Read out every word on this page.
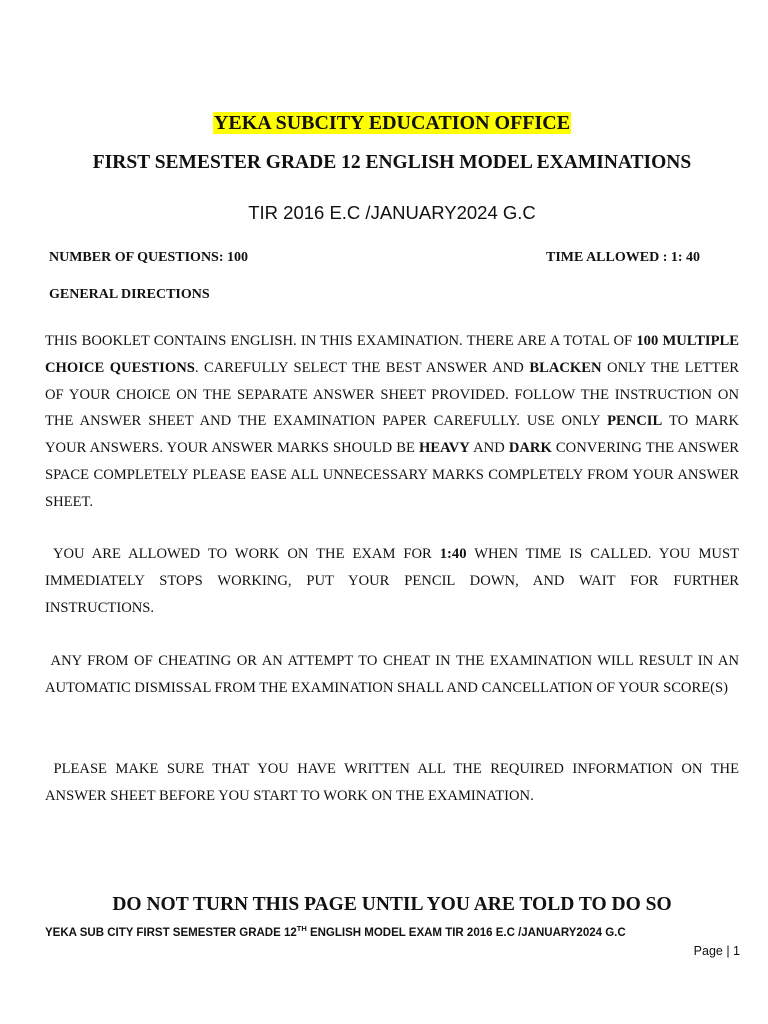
YEKA SUBCITY EDUCATION OFFICE
FIRST SEMESTER GRADE 12 ENGLISH MODEL EXAMINATIONS
TIR 2016 E.C /JANUARY2024 G.C
NUMBER OF QUESTIONS: 100	TIME ALLOWED : 1: 40
GENERAL DIRECTIONS
THIS BOOKLET CONTAINS ENGLISH. IN THIS EXAMINATION. THERE ARE A TOTAL OF 100 MULTIPLE CHOICE QUESTIONS. CAREFULLY SELECT THE BEST ANSWER AND BLACKEN ONLY THE LETTER OF YOUR CHOICE ON THE SEPARATE ANSWER SHEET PROVIDED. FOLLOW THE INSTRUCTION ON THE ANSWER SHEET AND THE EXAMINATION PAPER CAREFULLY. USE ONLY PENCIL TO MARK YOUR ANSWERS. YOUR ANSWER MARKS SHOULD BE HEAVY AND DARK CONVERING THE ANSWER SPACE COMPLETELY PLEASE EASE ALL UNNECESSARY MARKS COMPLETELY FROM YOUR ANSWER SHEET.
YOU ARE ALLOWED TO WORK ON THE EXAM FOR 1:40 WHEN TIME IS CALLED. YOU MUST IMMEDIATELY STOPS WORKING, PUT YOUR PENCIL DOWN, AND WAIT FOR FURTHER INSTRUCTIONS.
ANY FROM OF CHEATING OR AN ATTEMPT TO CHEAT IN THE EXAMINATION WILL RESULT IN AN AUTOMATIC DISMISSAL FROM THE EXAMINATION SHALL AND CANCELLATION OF YOUR SCORE(S)
PLEASE MAKE SURE THAT YOU HAVE WRITTEN ALL THE REQUIRED INFORMATION ON THE ANSWER SHEET BEFORE YOU START TO WORK ON THE EXAMINATION.
DO NOT TURN THIS PAGE UNTIL YOU ARE TOLD TO DO SO
YEKA SUB CITY FIRST SEMESTER GRADE 12TH ENGLISH MODEL EXAM TIR 2016 E.C /JANUARY2024 G.C
Page | 1
